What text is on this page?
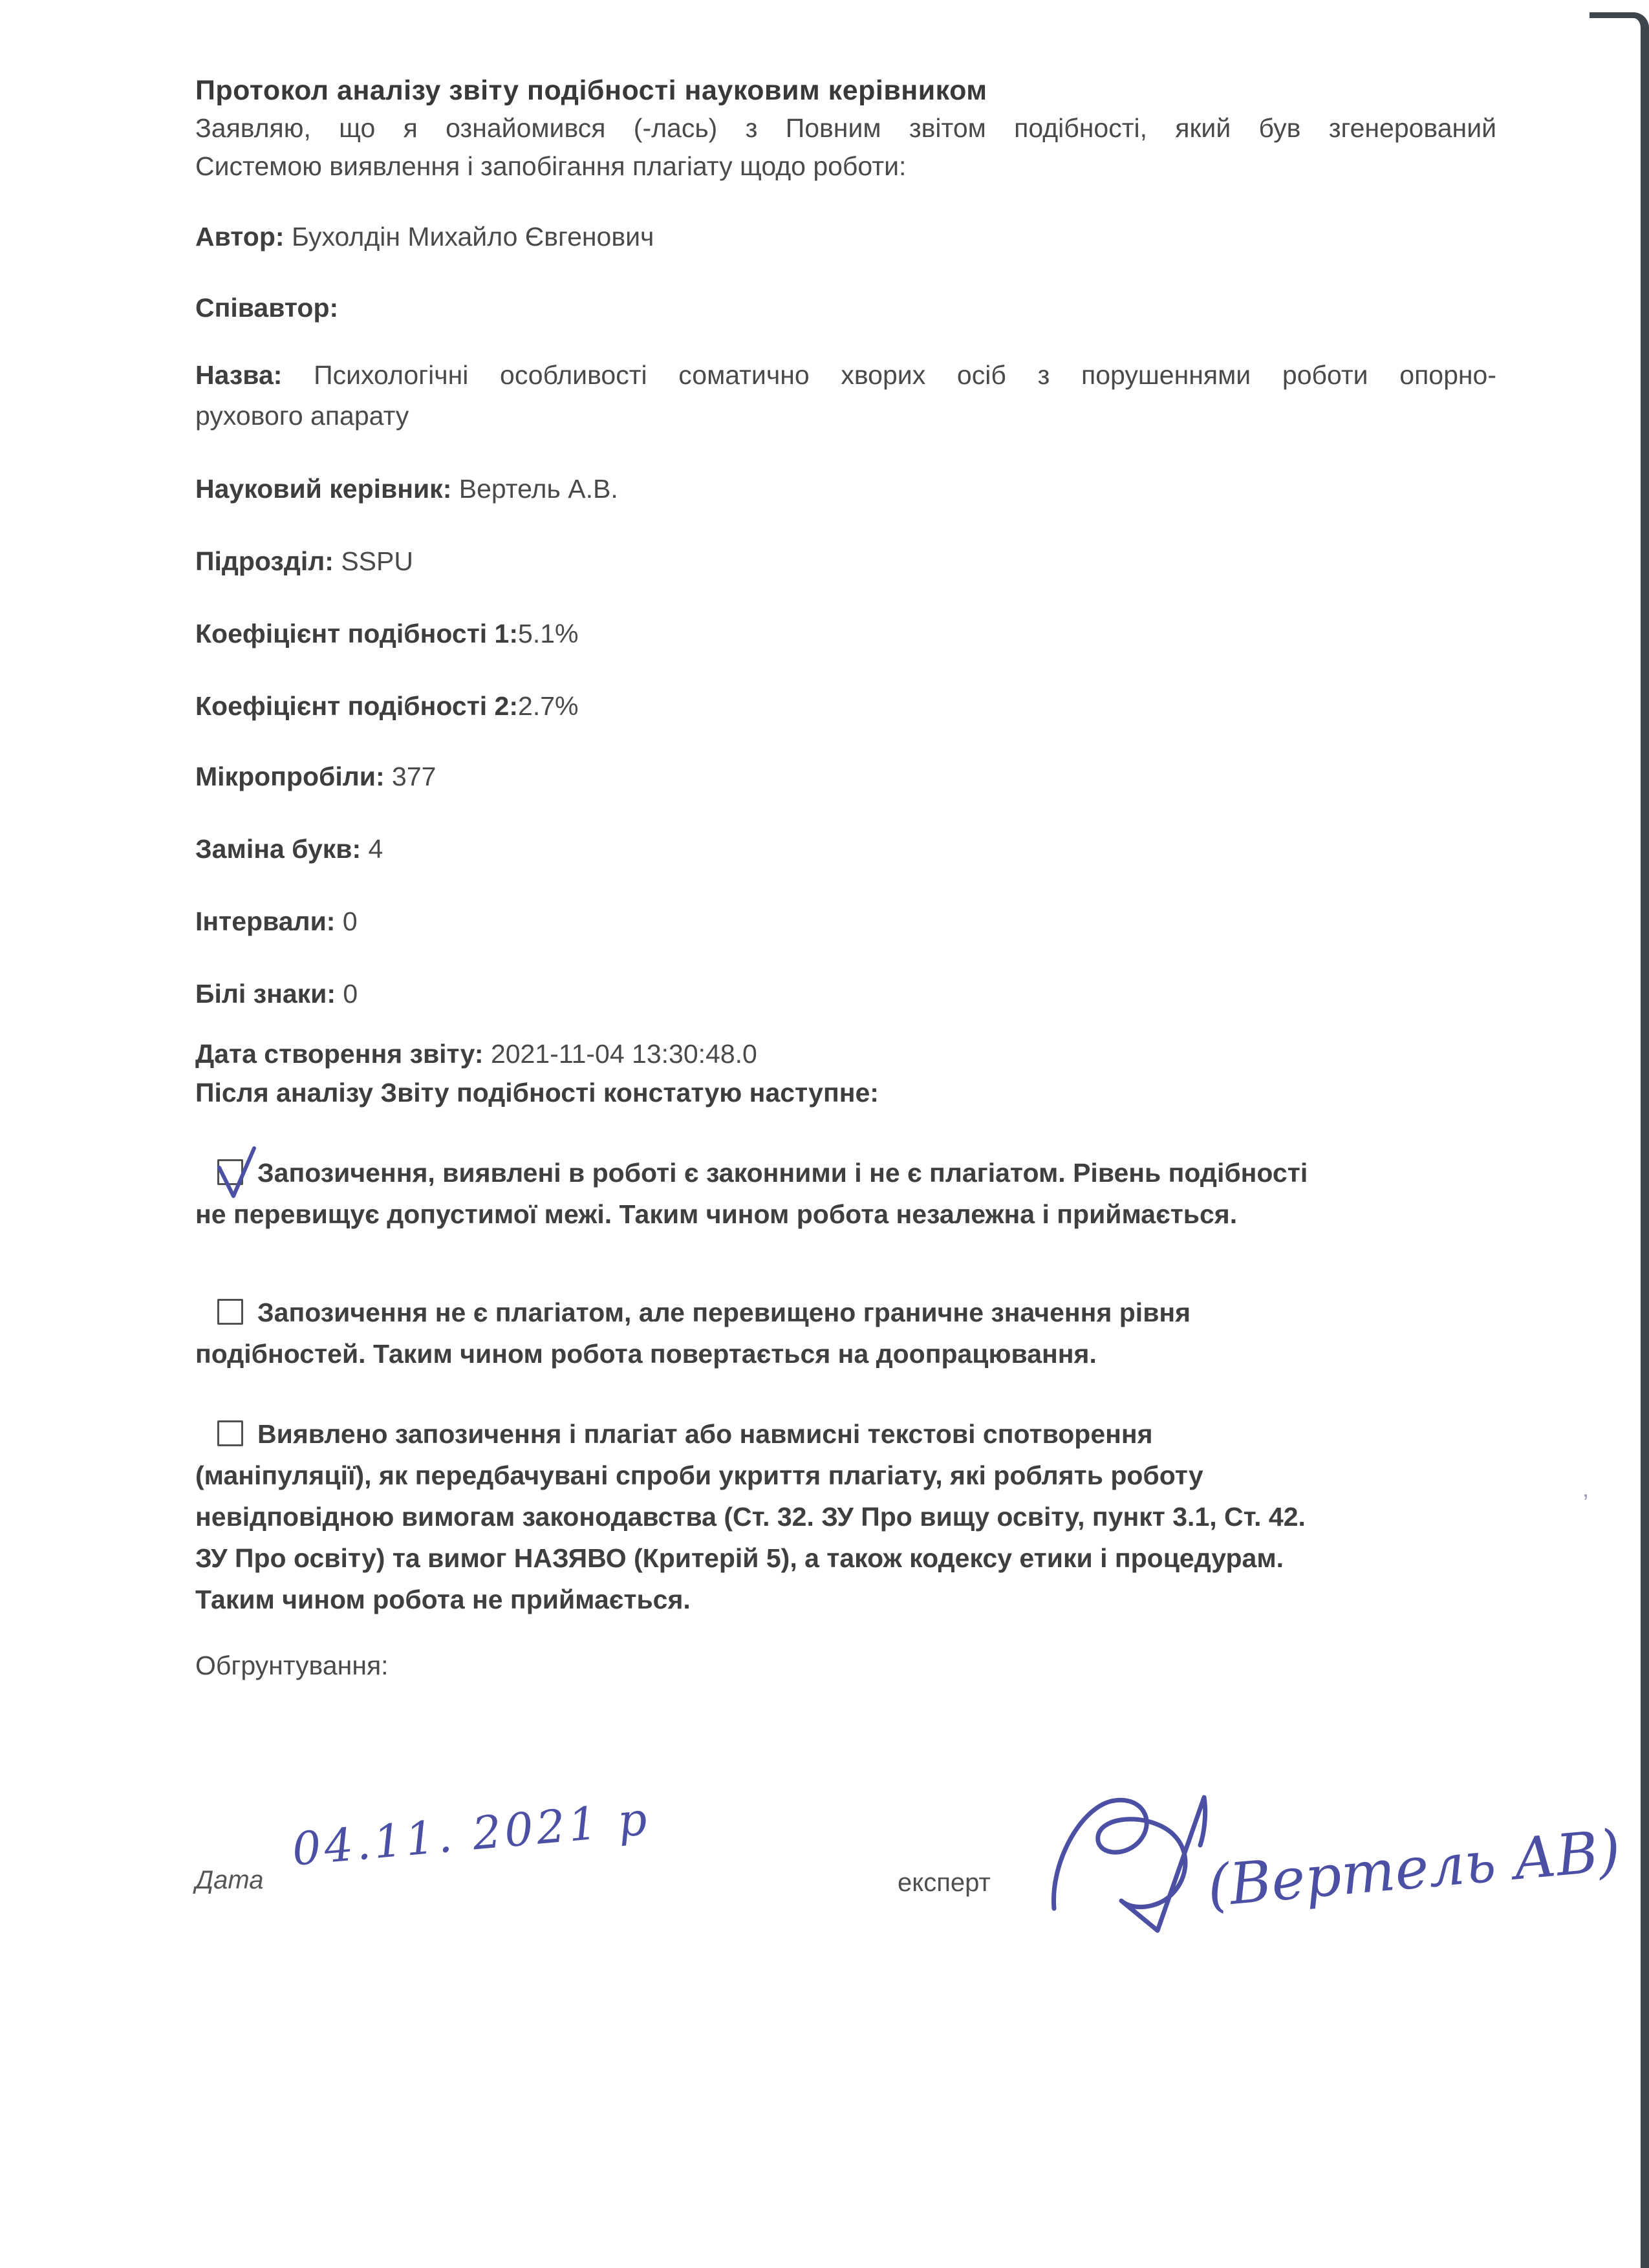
Протокол аналізу звіту подібності науковим керівником
Заявляю, що я ознайомився (-лась) з Повним звітом подібності, який був згенерований
Системою виявлення і запобігання плагіату щодо роботи:
Автор: Бухолдін Михайло Євгенович
Співавтор:
Назва: Психологічні особливості соматично хворих осіб з порушеннями роботи опорно-
рухового апарату
Науковий керівник: Вертель А.В.
Підрозділ: SSPU
Коефіцієнт подібності 1:5.1%
Коефіцієнт подібності 2:2.7%
Мікропробіли: 377
Заміна букв: 4
Інтервали: 0
Білі знаки: 0
Дата створення звіту: 2021-11-04 13:30:48.0
Після аналізу Звіту подібності констатую наступне:
Запозичення, виявлені в роботі є законними і не є плагіатом. Рівень подібності
не перевищує допустимої межі. Таким чином робота незалежна і приймається.
Запозичення не є плагіатом, але перевищено граничне значення рівня
подібностей. Таким чином робота повертається на доопрацювання.
Виявлено запозичення і плагіат або навмисні текстові спотворення
(маніпуляції), як передбачувані спроби укриття плагіату, які роблять роботу
невідповідною вимогам законодавства (Ст. 32. ЗУ Про вищу освіту, пункт 3.1, Ст. 42.
ЗУ Про освіту) та вимог НАЗЯВО (Критерій 5), а також кодексу етики і процедурам.
Таким чином робота не приймається.
ʼ
Обгрунтування:
Дата
04.11. 2021 р
експерт	(Вертель АВ)
